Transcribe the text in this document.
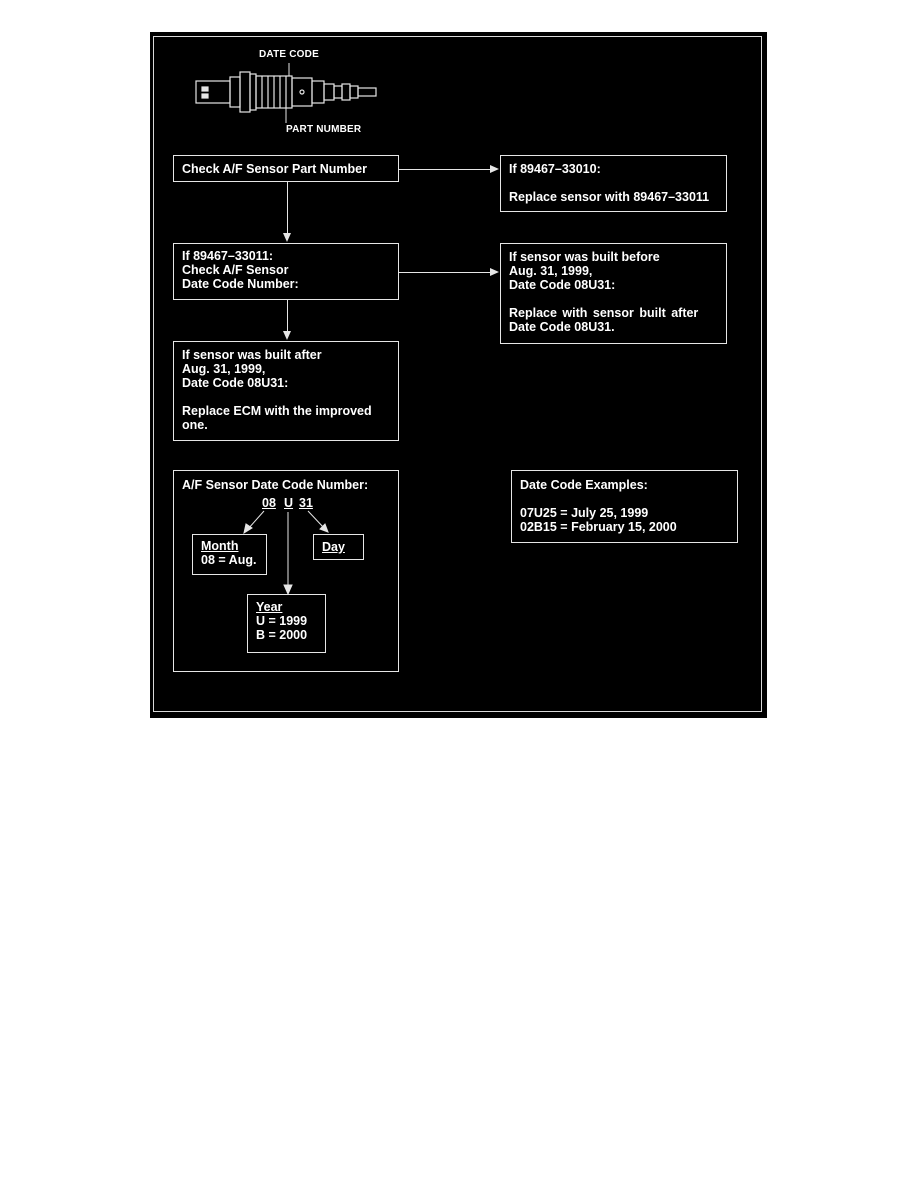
DATE CODE
PART NUMBER
Check A/F Sensor Part Number	If 89467–33010:
Replace sensor with 89467–33011
If 89467–33011:
Check A/F Sensor
Date Code Number:
If sensor was built before
Aug. 31, 1999,
Date Code 08U31:
Replace with sensor built after
Date Code 08U31.
If sensor was built after
Aug. 31, 1999,
Date Code 08U31:
Replace ECM with the improved
one.
A/F Sensor Date Code Number:
08 U 31
Month
08 = Aug.
Day
Year
U = 1999
B = 2000
Date Code Examples:
07U25 = July 25, 1999
02B15 = February 15, 2000
